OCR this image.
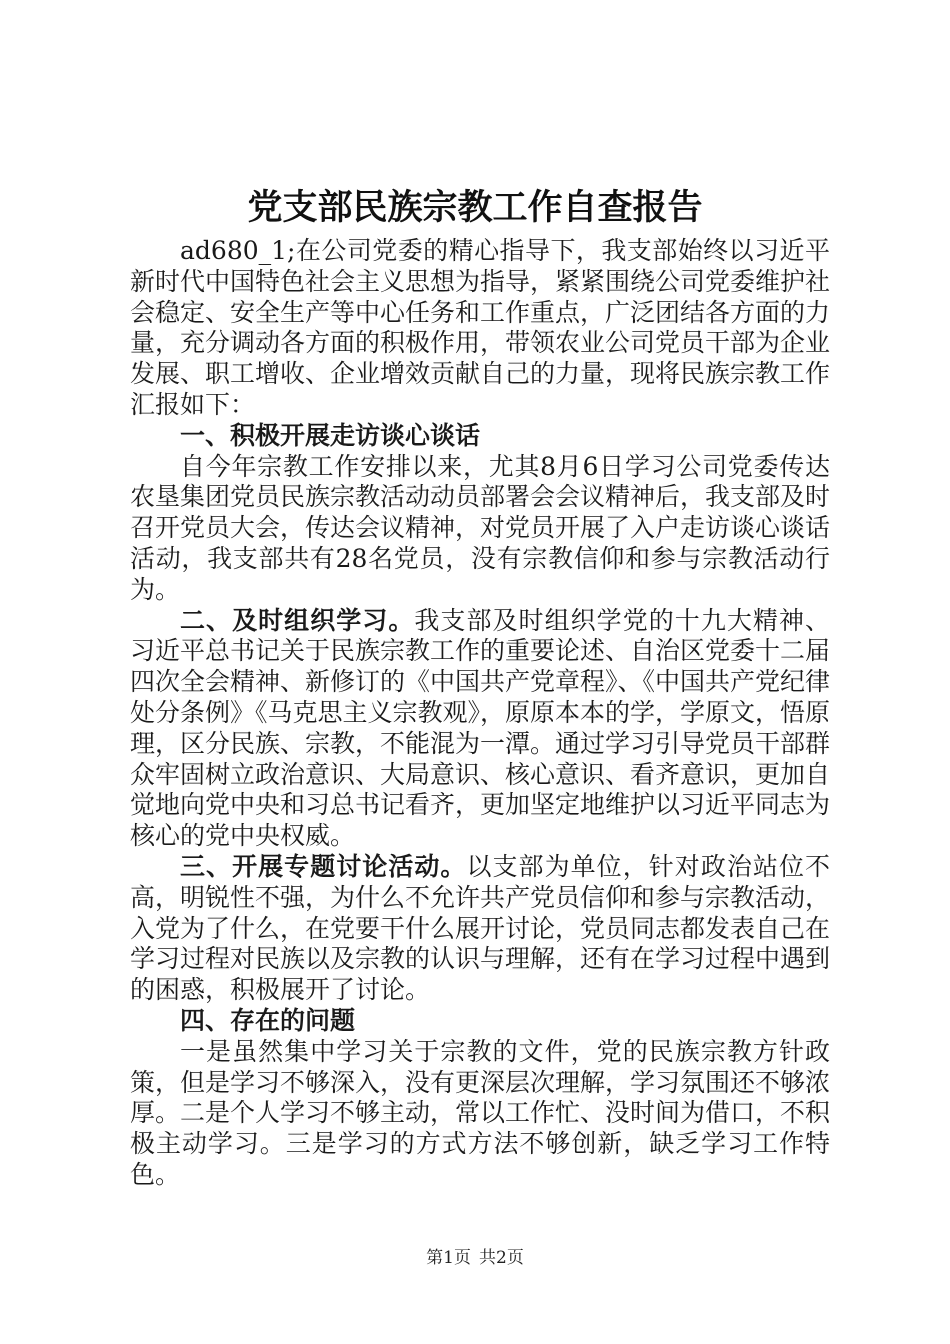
党支部民族宗教工作自查报告

ad680_1;在公司党委的精心指导下，我支部始终以习近平新时代中国特色社会主义思想为指导，紧紧围绕公司党委维护社会稳定、安全生产等中心任务和工作重点，广泛团结各方面的力量，充分调动各方面的积极作用，带领农业公司党员干部为企业发展、职工增收、企业增效贡献自己的力量，现将民族宗教工作汇报如下：

一、积极开展走访谈心谈话

自今年宗教工作安排以来，尤其8月6日学习公司党委传达农垦集团党员民族宗教活动动员部署会会议精神后，我支部及时召开党员大会，传达会议精神，对党员开展了入户走访谈心谈话活动，我支部共有28名党员，没有宗教信仰和参与宗教活动行为。

二、及时组织学习。我支部及时组织学党的十九大精神、习近平总书记关于民族宗教工作的重要论述、自治区党委十二届四次全会精神、新修订的《中国共产党章程》、《中国共产党纪律处分条例》《马克思主义宗教观》，原原本本的学，学原文，悟原理，区分民族、宗教，不能混为一潭。通过学习引导党员干部群众牢固树立政治意识、大局意识、核心意识、看齐意识，更加自觉地向党中央和习总书记看齐，更加坚定地维护以习近平同志为核心的党中央权威。

三、开展专题讨论活动。以支部为单位，针对政治站位不高，明锐性不强，为什么不允许共产党员信仰和参与宗教活动，入党为了什么，在党要干什么展开讨论，党员同志都发表自己在学习过程对民族以及宗教的认识与理解，还有在学习过程中遇到的困惑，积极展开了讨论。

四、存在的问题

一是虽然集中学习关于宗教的文件，党的民族宗教方针政策，但是学习不够深入，没有更深层次理解，学习氛围还不够浓厚。二是个人学习不够主动，常以工作忙、没时间为借口，不积极主动学习。三是学习的方式方法不够创新，缺乏学习工作特色。

第1页 共2页
